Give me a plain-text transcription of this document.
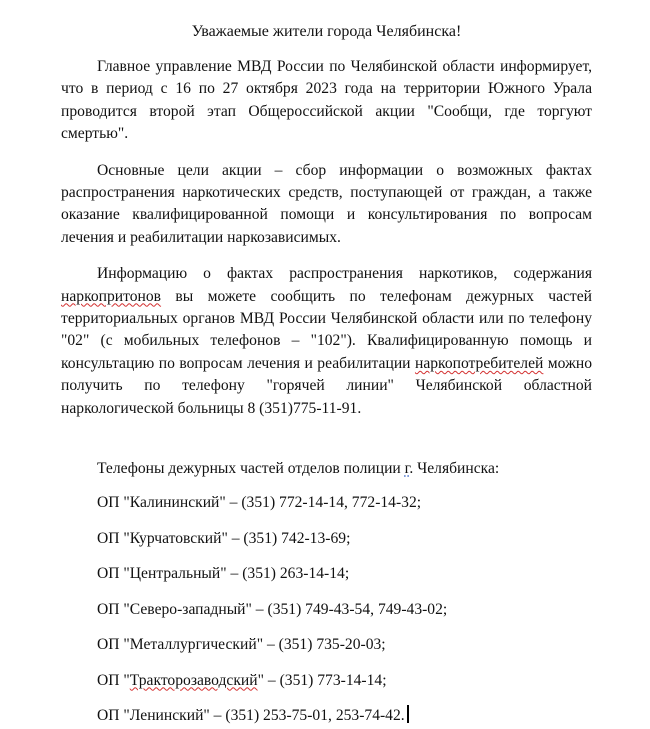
Уважаемые жители города Челябинска!

Главное управление МВД России по Челябинской области информирует, что в период с 16 по 27 октября 2023 года на территории Южного Урала проводится второй этап Общероссийской акции "Сообщи, где торгуют смертью".

Основные цели акции – сбор информации о возможных фактах распространения наркотических средств, поступающей от граждан, а также оказание квалифицированной помощи и консультирования по вопросам лечения и реабилитации наркозависимых.

Информацию о фактах распространения наркотиков, содержания наркопритонов вы можете сообщить по телефонам дежурных частей территориальных органов МВД России Челябинской области или по телефону "02" (с мобильных телефонов – "102"). Квалифицированную помощь и консультацию по вопросам лечения и реабилитации наркопотребителей можно получить по телефону "горячей линии" Челябинской областной наркологической больницы 8 (351)775-11-91.

Телефоны дежурных частей отделов полиции г. Челябинска:
ОП "Калининский" – (351) 772-14-14, 772-14-32;
ОП "Курчатовский" – (351) 742-13-69;
ОП "Центральный" – (351) 263-14-14;
ОП "Северо-западный" – (351) 749-43-54, 749-43-02;
ОП "Металлургический" – (351) 735-20-03;
ОП "Тракторозаводский" – (351) 773-14-14;
ОП "Ленинский" – (351) 253-75-01, 253-74-42.
